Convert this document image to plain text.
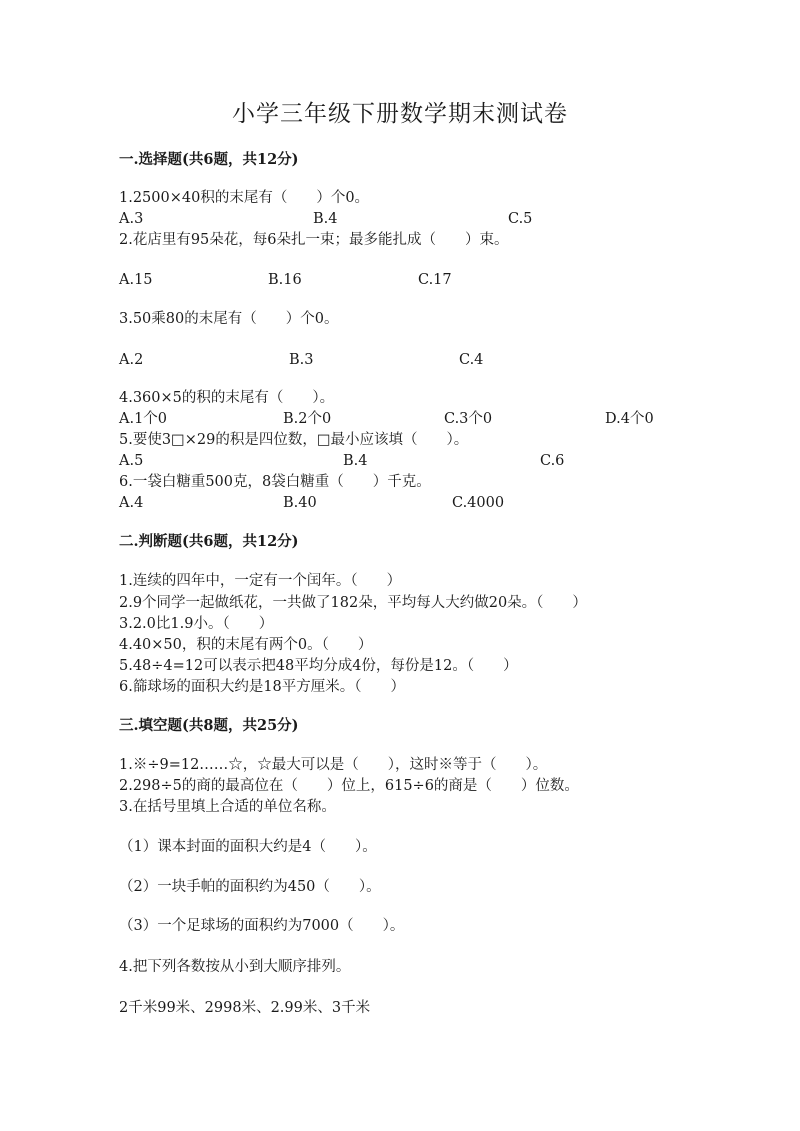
小学三年级下册数学期末测试卷
一.选择题(共6题，共12分)
1.2500×40积的末尾有（　　）个0。
A.3	B.4	C.5
2.花店里有95朵花，每6朵扎一束；最多能扎成（　　）束。
A.15	B.16	C.17
3.50乘80的末尾有（　　）个0。
A.2	B.3	C.4
4.360×5的积的末尾有（　　）。
A.1个0	B.2个0	C.3个0	D.4个0
5.要使3□×29的积是四位数，□最小应该填（　　）。
A.5	B.4	C.6
6.一袋白糖重500克，8袋白糖重（　　）千克。
A.4	B.40	C.4000
二.判断题(共6题，共12分)
1.连续的四年中，一定有一个闰年。（　　）
2.9个同学一起做纸花，一共做了182朵，平均每人大约做20朵。（　　）
3.2.0比1.9小。（　　）
4.40×50，积的末尾有两个0。（　　）
5.48÷4=12可以表示把48平均分成4份，每份是12。（　　）
6.篩球场的面积大约是18平方厘米。（　　）
三.填空题(共8题，共25分)
1.※÷9=12……☆，☆最大可以是（　　），这时※等于（　　）。
2.298÷5的商的最高位在（　　）位上，615÷6的商是（　　）位数。
3.在括号里填上合适的单位名称。
（1）课本封面的面积大约是4（　　）。
（2）一块手帕的面积约为450（　　）。
（3）一个足球场的面积约为7000（　　）。
4.把下列各数按从小到大顺序排列。
2千米99米、2998米、2.99米、3千米
